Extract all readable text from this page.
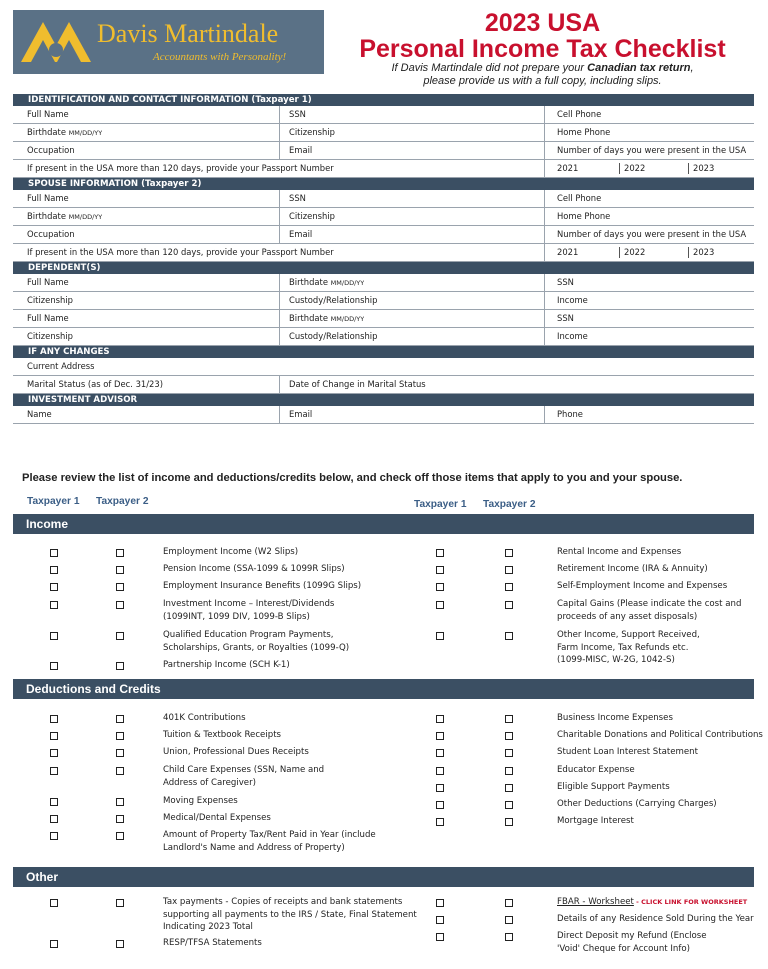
Davis Martindale
Accountants with Personality!
2023 USA
Personal Income Tax Checklist
If Davis Martindale did not prepare your Canadian tax return,
please provide us with a full copy, including slips.
IDENTIFICATION AND CONTACT INFORMATION (Taxpayer 1)
Full Name	SSN	Cell Phone
Birthdate MM/DD/YY	Citizenship	Home Phone
Occupation	Email	Number of days you were present in the USA
If present in the USA more than 120 days, provide your Passport Number	2021	2022	2023
SPOUSE INFORMATION (Taxpayer 2)
Full Name	SSN	Cell Phone
Birthdate MM/DD/YY	Citizenship	Home Phone
Occupation	Email	Number of days you were present in the USA
If present in the USA more than 120 days, provide your Passport Number	2021	2022	2023
DEPENDENT(S)
Full Name	Birthdate MM/DD/YY	SSN
Citizenship	Custody/Relationship	Income
Full Name	Birthdate MM/DD/YY	SSN
Citizenship	Custody/Relationship	Income
IF ANY CHANGES
Current Address
Marital Status (as of Dec. 31/23)	Date of Change in Marital Status
INVESTMENT ADVISOR
Name	Email	Phone
Please review the list of income and deductions/credits below, and check off those items that apply to you and your spouse.
Taxpayer 1 Taxpayer 2	Taxpayer 1 Taxpayer 2
Income
Deductions and Credits
Other
Employment Income (W2 Slips)
Pension Income (SSA-1099 & 1099R Slips)
Employment Insurance Benefits (1099G Slips)
Investment Income – Interest/Dividends
(1099INT, 1099 DIV, 1099-B Slips)
Qualified Education Program Payments,
Scholarships, Grants, or Royalties (1099-Q)
Partnership Income (SCH K-1)
Rental Income and Expenses
Retirement Income (IRA & Annuity)
Self-Employment Income and Expenses
Capital Gains (Please indicate the cost and
proceeds of any asset disposals)
Other Income, Support Received,
Farm Income, Tax Refunds etc.
(1099-MISC, W-2G, 1042-S)
401K Contributions
Tuition & Textbook Receipts
Union, Professional Dues Receipts
Child Care Expenses (SSN, Name and
Address of Caregiver)
Moving Expenses
Medical/Dental Expenses
Amount of Property Tax/Rent Paid in Year (include
Landlord's Name and Address of Property)
Business Income Expenses
Charitable Donations and Political Contributions
Student Loan Interest Statement
Educator Expense
Eligible Support Payments
Other Deductions (Carrying Charges)
Mortgage Interest
Tax payments - Copies of receipts and bank statements
supporting all payments to the IRS / State, Final Statement
Indicating 2023 Total
RESP/TFSA Statements
FBAR - Worksheet - CLICK LINK FOR WORKSHEET
Details of any Residence Sold During the Year
Direct Deposit my Refund (Enclose
'Void' Cheque for Account Info)
